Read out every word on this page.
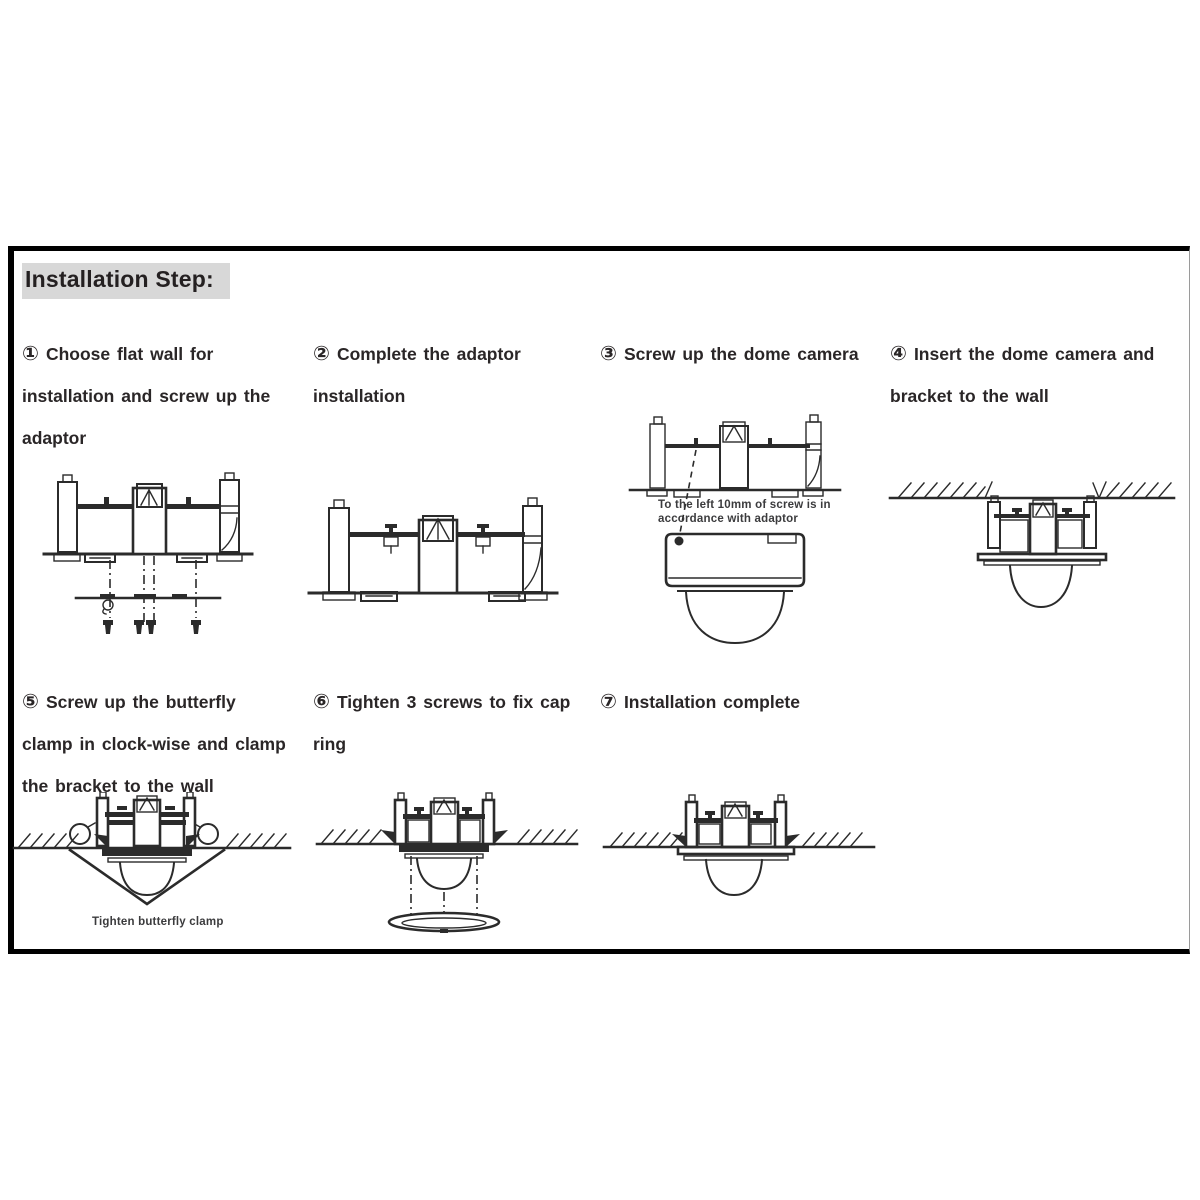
Installation Step:
① Choose flat wall for
installation and screw up the
adaptor
② Complete the adaptor
installation
③ Screw up the dome camera ④ Insert the dome camera and
bracket to the wall
⑤ Screw up the butterfly
clamp in clock-wise and clamp
the bracket to the wall
⑥ Tighten 3 screws to fix cap
ring
⑦ Installation complete
To the left 10mm of screw is in
accordance with adaptor
Tighten butterfly clamp
